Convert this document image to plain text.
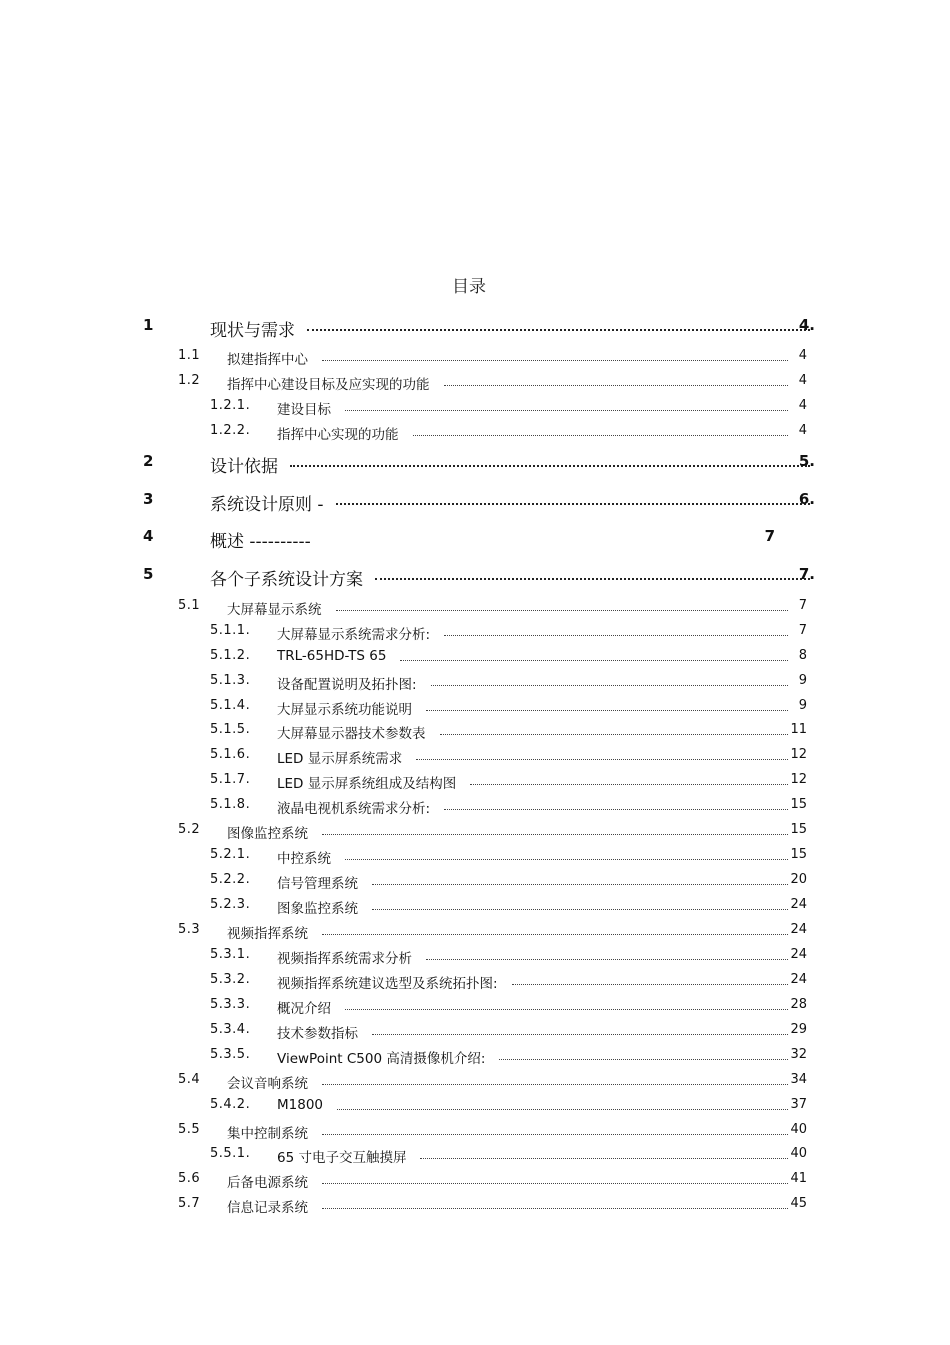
目录
1	现状与需求	4.
1.1 拟建指挥中心	4
1.2 指挥中心建设目标及应实现的功能	4
1.2.1. 建设目标	4
1.2.2. 指挥中心实现的功能	4
2	设计依据	5.
3	系统设计原则 -	6.
4	概述 ----------	7
5	各个子系统设计方案	7.
5.1 大屏幕显示系统	7
5.1.1. 大屏幕显示系统需求分析:	7
5.1.2. TRL-65HD-TS 65	8
5.1.3. 设备配置说明及拓扑图:	9
5.1.4. 大屏显示系统功能说明	9
5.1.5. 大屏幕显示器技术参数表	11
5.1.6. LED 显示屏系统需求	12
5.1.7. LED 显示屏系统组成及结构图	12
5.1.8. 液晶电视机系统需求分析:	15
5.2 图像监控系统	15
5.2.1. 中控系统	15
5.2.2. 信号管理系统	20
5.2.3. 图象监控系统	24
5.3 视频指挥系统	24
5.3.1. 视频指挥系统需求分析	24
5.3.2. 视频指挥系统建议选型及系统拓扑图:	24
5.3.3. 概况介绍	28
5.3.4. 技术参数指标	29
5.3.5. ViewPoint C500 高清摄像机介绍:	32
5.4 会议音响系统	34
5.4.2. M1800	37
5.5 集中控制系统	40
5.5.1. 65 寸电子交互触摸屏	40
5.6 后备电源系统	41
5.7 信息记录系统	45
